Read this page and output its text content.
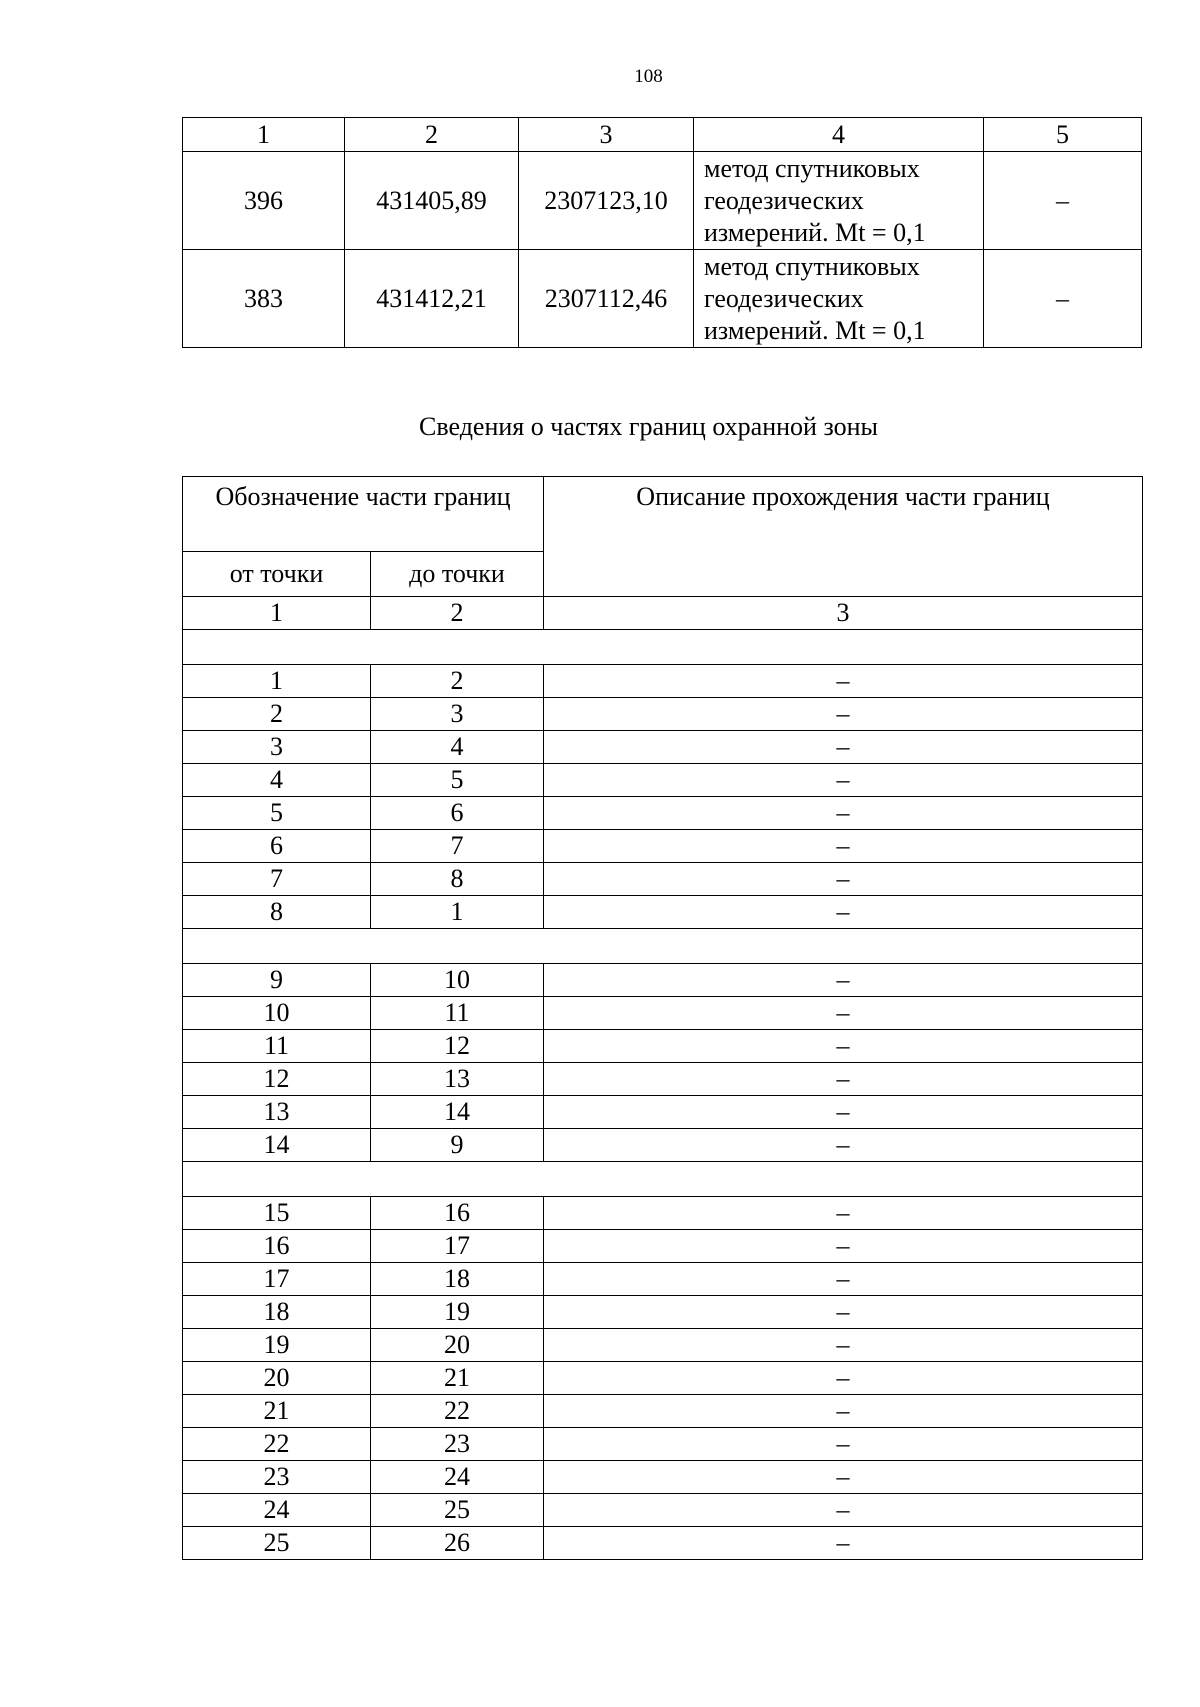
108
1	2	3	4	5
396	431405,89	2307123,10	метод спутниковых
геодезических
измерений. Mt = 0,1	–
383	431412,21	2307112,46	метод спутниковых
геодезических
измерений. Mt = 0,1	–
Сведения о частях границ охранной зоны
Обозначение части границ		Описание прохождения части границ
от точки	до точки	
1	2	3

1	2	–
2	3	–
3	4	–
4	5	–
5	6	–
6	7	–
7	8	–
8	1	–

9	10	–
10	11	–
11	12	–
12	13	–
13	14	–
14	9	–

15	16	–
16	17	–
17	18	–
18	19	–
19	20	–
20	21	–
21	22	–
22	23	–
23	24	–
24	25	–
25	26	–
